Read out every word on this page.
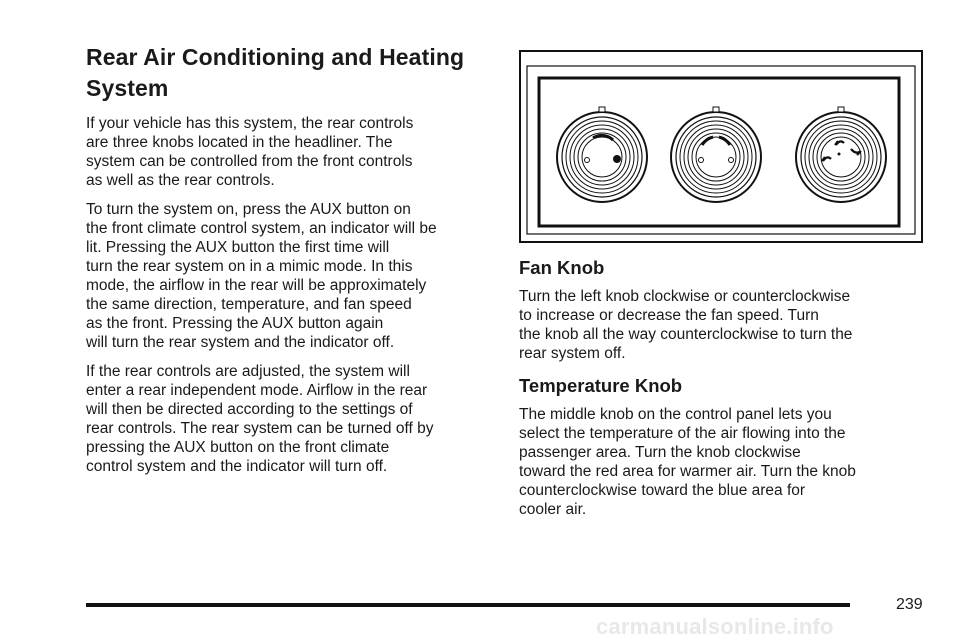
Rear Air Conditioning and Heating System

If your vehicle has this system, the rear controls
are three knobs located in the headliner. The
system can be controlled from the front controls
as well as the rear controls.

To turn the system on, press the AUX button on
the front climate control system, an indicator will be
lit. Pressing the AUX button the first time will
turn the rear system on in a mimic mode. In this
mode, the airflow in the rear will be approximately
the same direction, temperature, and fan speed
as the front. Pressing the AUX button again
will turn the rear system and the indicator off.

If the rear controls are adjusted, the system will
enter a rear independent mode. Airflow in the rear
will then be directed according to the settings of
rear controls. The rear system can be turned off by
pressing the AUX button on the front climate
control system and the indicator will turn off.

Fan Knob

Turn the left knob clockwise or counterclockwise
to increase or decrease the fan speed. Turn
the knob all the way counterclockwise to turn the
rear system off.

Temperature Knob

The middle knob on the control panel lets you
select the temperature of the air flowing into the
passenger area. Turn the knob clockwise
toward the red area for warmer air. Turn the knob
counterclockwise toward the blue area for
cooler air.

239
carmanualsonline.info
